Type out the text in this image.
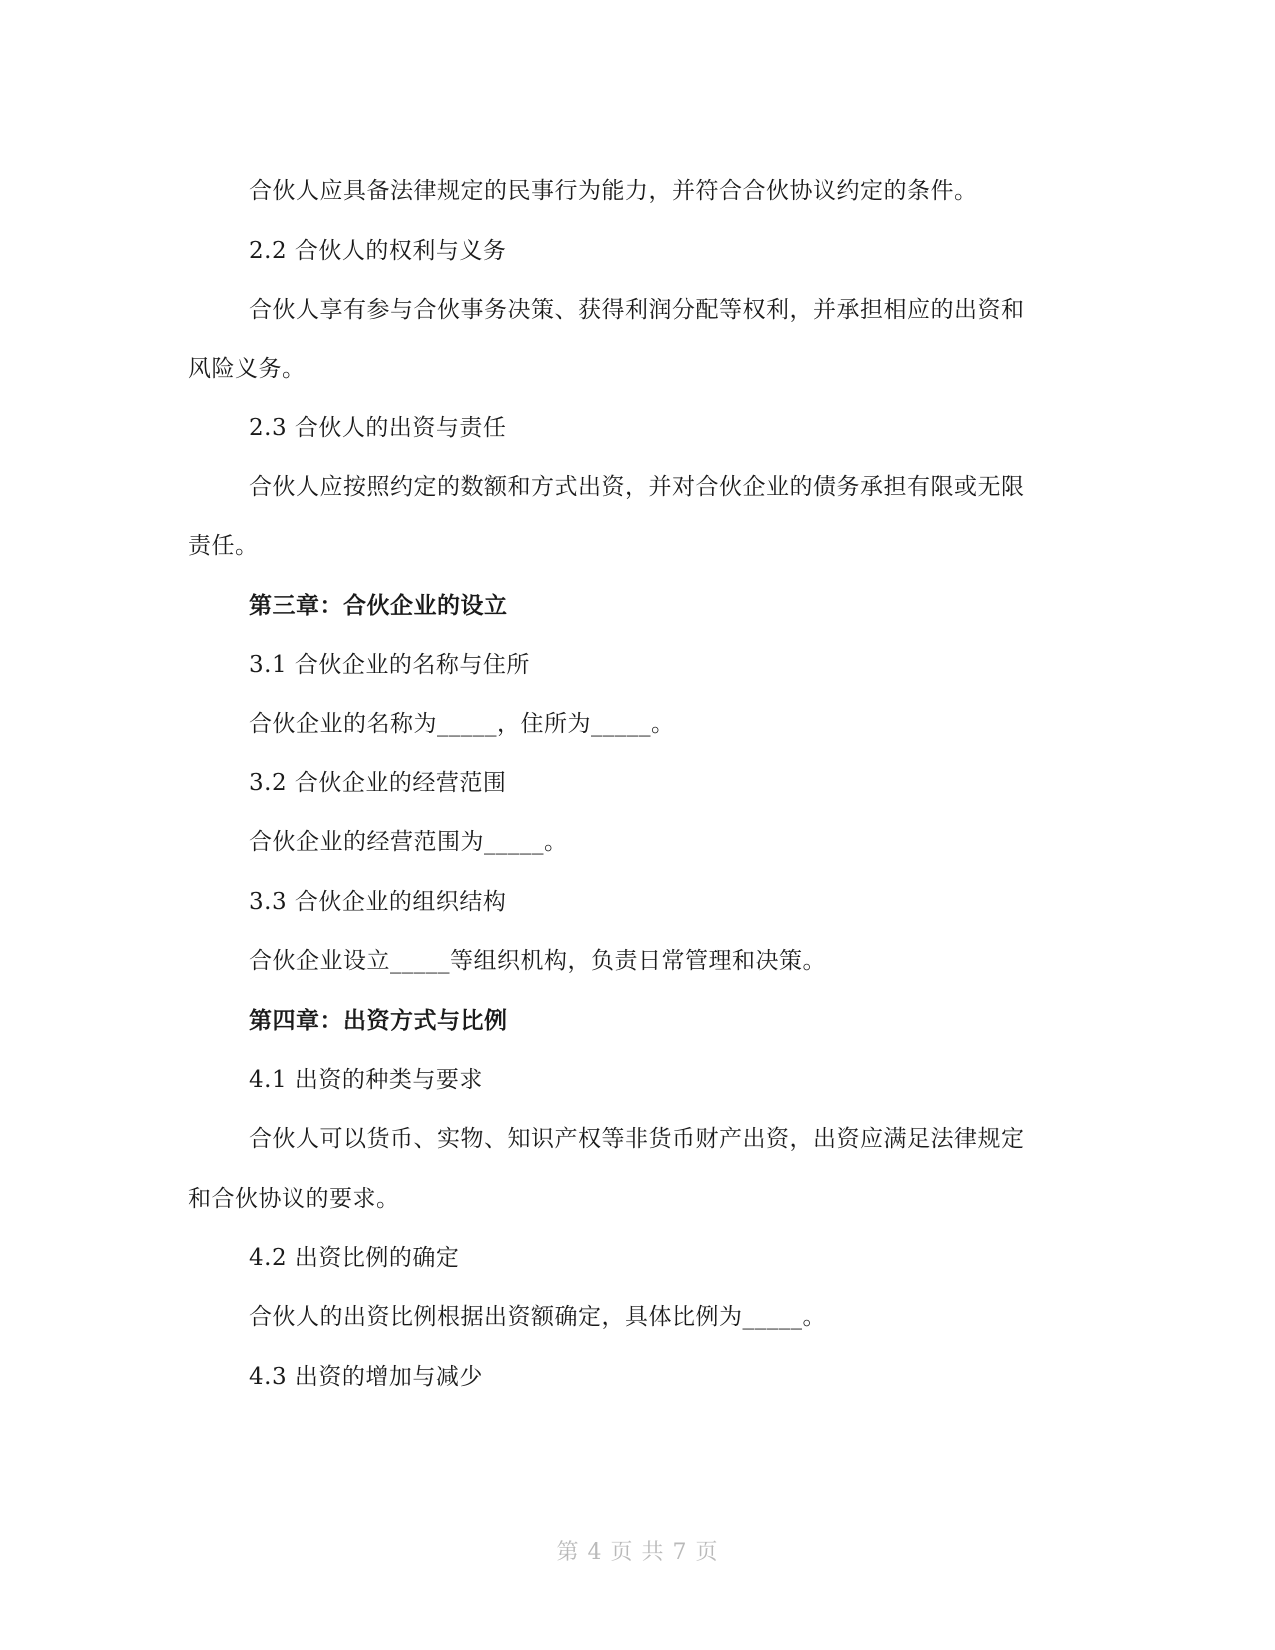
合伙人应具备法律规定的民事行为能力，并符合合伙协议约定的条件。
2.2 合伙人的权利与义务
合伙人享有参与合伙事务决策、获得利润分配等权利，并承担相应的出资和
风险义务。
2.3 合伙人的出资与责任
合伙人应按照约定的数额和方式出资，并对合伙企业的债务承担有限或无限
责任。
第三章：合伙企业的设立
3.1 合伙企业的名称与住所
合伙企业的名称为_____，住所为_____。
3.2 合伙企业的经营范围
合伙企业的经营范围为_____。
3.3 合伙企业的组织结构
合伙企业设立_____等组织机构，负责日常管理和决策。
第四章：出资方式与比例
4.1 出资的种类与要求
合伙人可以货币、实物、知识产权等非货币财产出资，出资应满足法律规定
和合伙协议的要求。
4.2 出资比例的确定
合伙人的出资比例根据出资额确定，具体比例为_____。
4.3 出资的增加与减少
第 4 页 共 7 页
